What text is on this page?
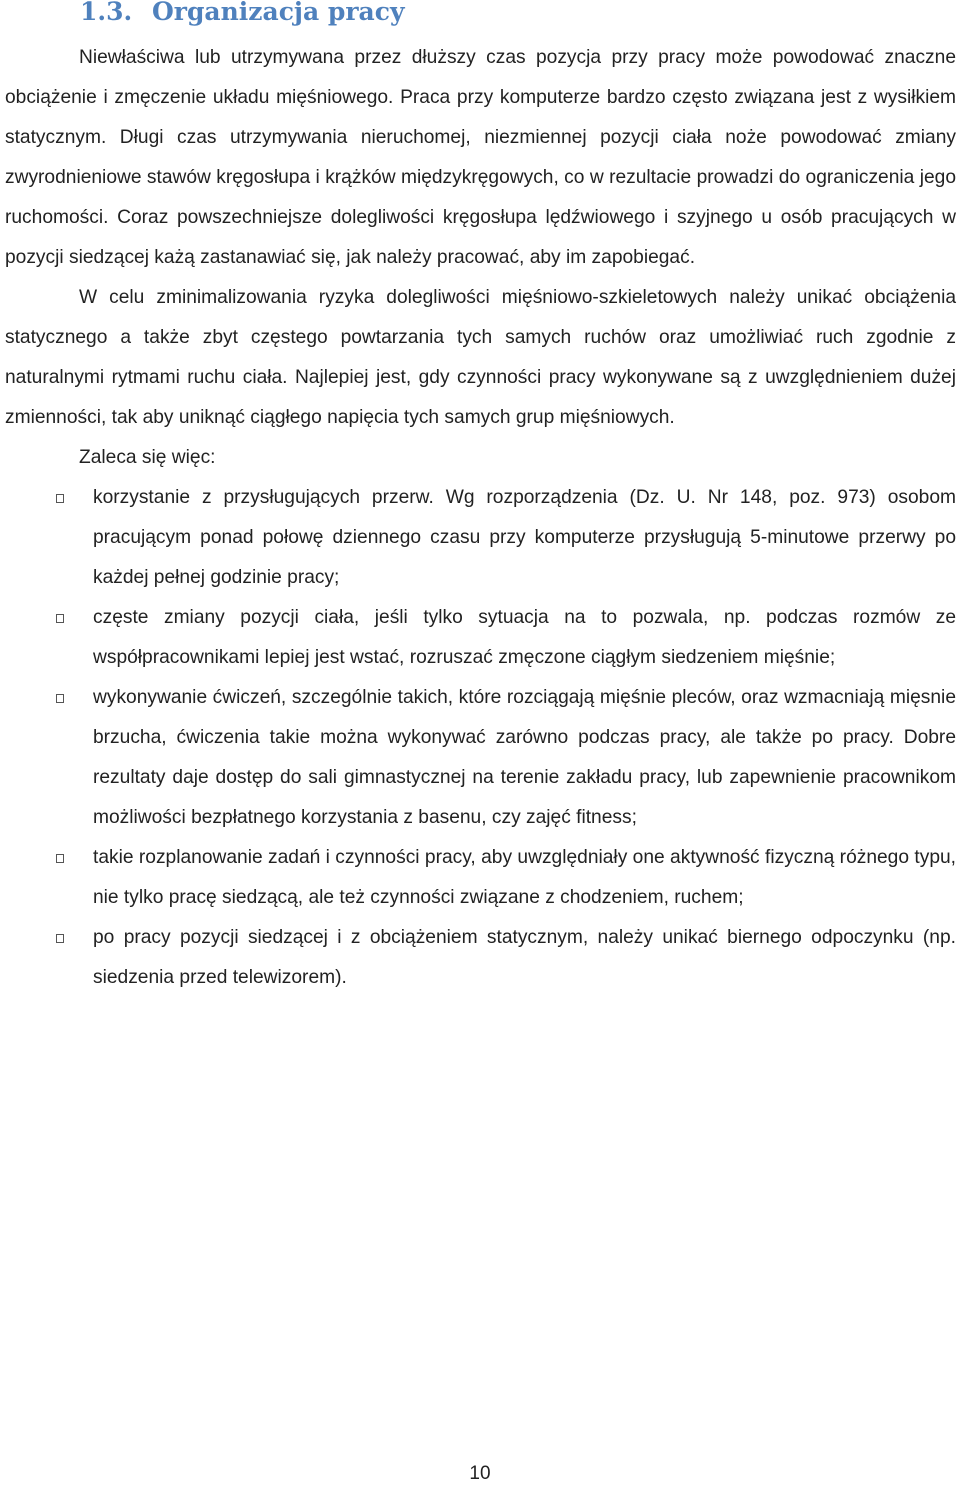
1.3. Organizacja pracy

Niewłaściwa lub utrzymywana przez dłuższy czas pozycja przy pracy może powodować znaczne obciążenie i zmęczenie układu mięśniowego. Praca przy komputerze bardzo często związana jest z wysiłkiem statycznym. Długi czas utrzymywania nieruchomej, niezmiennej pozycji ciała noże powodować zmiany zwyrodnieniowe stawów kręgosłupa i krążków międzykręgowych, co w rezultacie prowadzi do ograniczenia jego ruchomości. Coraz powszechniejsze dolegliwości kręgosłupa lędźwiowego i szyjnego u osób pracujących w pozycji siedzącej każą zastanawiać się, jak należy pracować, aby im zapobiegać.

W celu zminimalizowania ryzyka dolegliwości mięśniowo-szkieletowych należy unikać obciążenia statycznego a także zbyt częstego powtarzania tych samych ruchów oraz umożliwiać ruch zgodnie z naturalnymi rytmami ruchu ciała. Najlepiej jest, gdy czynności pracy wykonywane są z uwzględnieniem dużej zmienności, tak aby uniknąć ciągłego napięcia tych samych grup mięśniowych.

Zaleca się więc:

korzystanie z przysługujących przerw. Wg rozporządzenia (Dz. U. Nr 148, poz. 973) osobom pracującym ponad połowę dziennego czasu przy komputerze przysługują 5-minutowe przerwy po każdej pełnej godzinie pracy;
częste zmiany pozycji ciała, jeśli tylko sytuacja na to pozwala, np. podczas rozmów ze współpracownikami lepiej jest wstać, rozruszać zmęczone ciągłym siedzeniem mięśnie;
wykonywanie ćwiczeń, szczególnie takich, które rozciągają mięśnie pleców, oraz wzmacniają mięsnie brzucha, ćwiczenia takie można wykonywać zarówno podczas pracy, ale także po pracy. Dobre rezultaty daje dostęp do sali gimnastycznej na terenie zakładu pracy, lub zapewnienie pracownikom możliwości bezpłatnego korzystania z basenu, czy zajęć fitness;
takie rozplanowanie zadań i czynności pracy, aby uwzględniały one aktywność fizyczną różnego typu, nie tylko pracę siedzącą, ale też czynności związane z chodzeniem, ruchem;
po pracy pozycji siedzącej i z obciążeniem statycznym, należy unikać biernego odpoczynku (np. siedzenia przed telewizorem).
10
